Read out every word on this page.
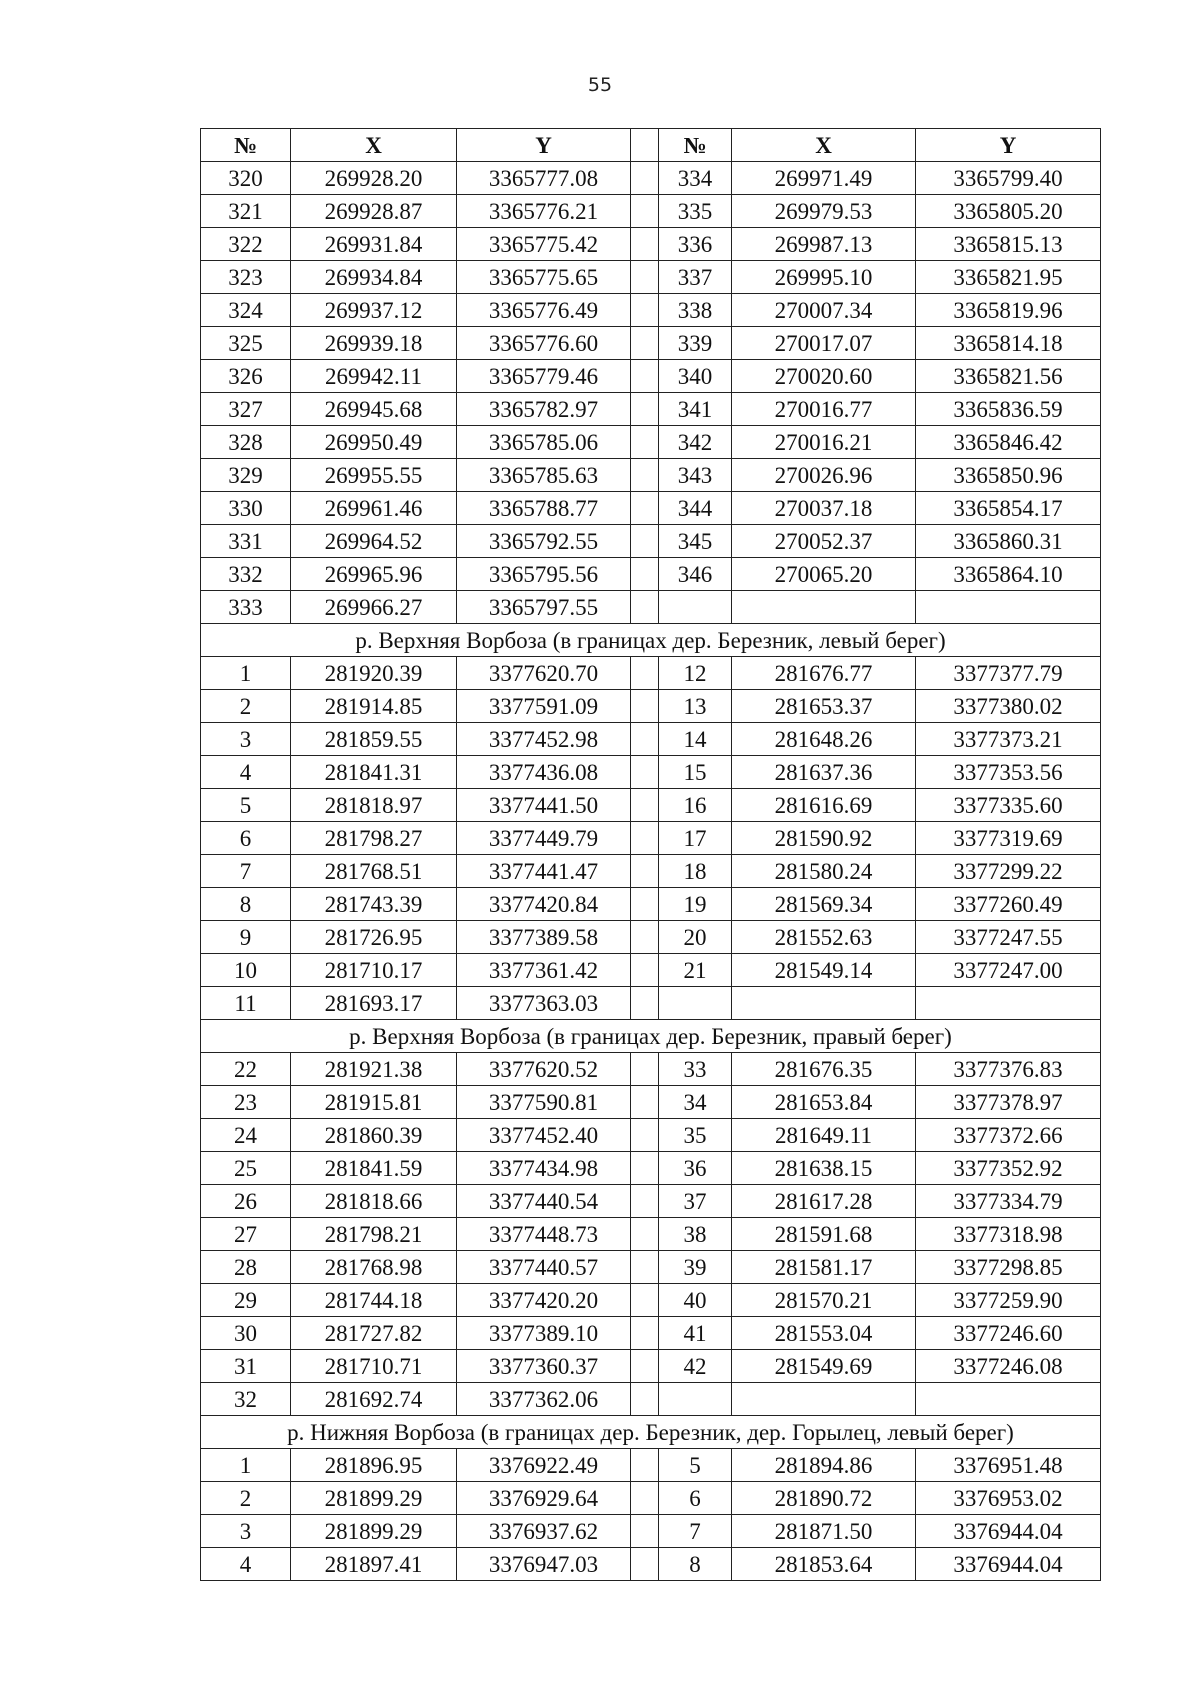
55
№	X	Y		№	X	Y
320	269928.20	3365777.08		334	269971.49	3365799.40
321	269928.87	3365776.21		335	269979.53	3365805.20
322	269931.84	3365775.42		336	269987.13	3365815.13
323	269934.84	3365775.65		337	269995.10	3365821.95
324	269937.12	3365776.49		338	270007.34	3365819.96
325	269939.18	3365776.60		339	270017.07	3365814.18
326	269942.11	3365779.46		340	270020.60	3365821.56
327	269945.68	3365782.97		341	270016.77	3365836.59
328	269950.49	3365785.06		342	270016.21	3365846.42
329	269955.55	3365785.63		343	270026.96	3365850.96
330	269961.46	3365788.77		344	270037.18	3365854.17
331	269964.52	3365792.55		345	270052.37	3365860.31
332	269965.96	3365795.56		346	270065.20	3365864.10
333	269966.27	3365797.55				
р. Верхняя Ворбоза (в границах дер. Березник, левый берег)						
1	281920.39	3377620.70		12	281676.77	3377377.79
2	281914.85	3377591.09		13	281653.37	3377380.02
3	281859.55	3377452.98		14	281648.26	3377373.21
4	281841.31	3377436.08		15	281637.36	3377353.56
5	281818.97	3377441.50		16	281616.69	3377335.60
6	281798.27	3377449.79		17	281590.92	3377319.69
7	281768.51	3377441.47		18	281580.24	3377299.22
8	281743.39	3377420.84		19	281569.34	3377260.49
9	281726.95	3377389.58		20	281552.63	3377247.55
10	281710.17	3377361.42		21	281549.14	3377247.00
11	281693.17	3377363.03				
р. Верхняя Ворбоза (в границах дер. Березник, правый берег)						
22	281921.38	3377620.52		33	281676.35	3377376.83
23	281915.81	3377590.81		34	281653.84	3377378.97
24	281860.39	3377452.40		35	281649.11	3377372.66
25	281841.59	3377434.98		36	281638.15	3377352.92
26	281818.66	3377440.54		37	281617.28	3377334.79
27	281798.21	3377448.73		38	281591.68	3377318.98
28	281768.98	3377440.57		39	281581.17	3377298.85
29	281744.18	3377420.20		40	281570.21	3377259.90
30	281727.82	3377389.10		41	281553.04	3377246.60
31	281710.71	3377360.37		42	281549.69	3377246.08
32	281692.74	3377362.06				
р. Нижняя Ворбоза (в границах дер. Березник, дер. Горылец, левый берег)						
1	281896.95	3376922.49		5	281894.86	3376951.48
2	281899.29	3376929.64		6	281890.72	3376953.02
3	281899.29	3376937.62		7	281871.50	3376944.04
4	281897.41	3376947.03		8	281853.64	3376944.04
